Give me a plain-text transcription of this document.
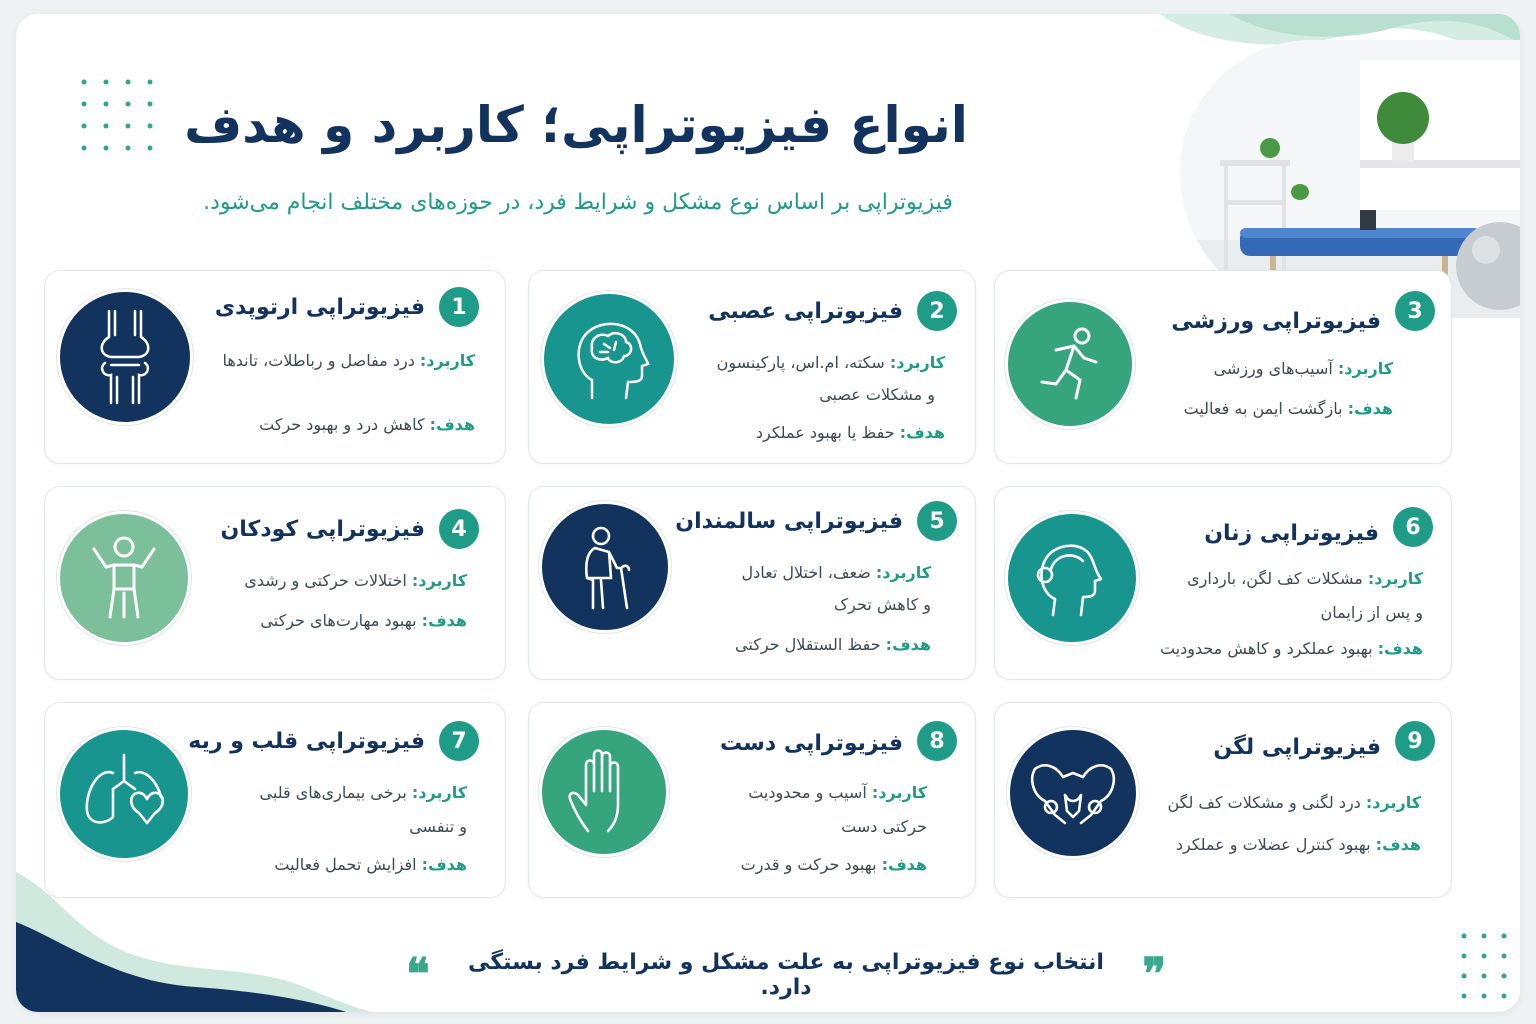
انواع فیزیوتراپی؛ کاربرد و هدف

فیزیوتراپی بر اساس نوع مشکل و شرایط فرد، در حوزه‌های مختلف انجام می‌شود.

1
فیزیوتراپی ارتوپدی
کاربرد: درد مفاصل و رباطلات، تاندها
هدف: کاهش درد و بهبود حرکت
2
فیزیوتراپی عصبی
کاربرد: سکته، ام.اس، پارکینسون
و مشکلات عصبی
هدف: حفظ یا بهبود عملکرد
3
فیزیوتراپی ورزشی
کاربرد: آسیب‌های ورزشی
هدف: بازگشت ایمن به فعالیت
4
فیزیوتراپی کودکان
کاربرد: اختلالات حرکتی و رشدی
هدف: بهبود مهارت‌های حرکتی
5
فیزیوتراپی سالمندان
کاربرد: ضعف، اختلال تعادل
و کاهش تحرک
هدف: حفظ الستقلال حرکتی
6
فیزیوتراپی زنان
کاربرد: مشکلات کف لگن، بارداری
و پس از زایمان
هدف: بهبود عملکرد و کاهش محدودیت
7
فیزیوتراپی قلب و ریه
کاربرد: برخی بیماری‌های قلبی
و تنفسی
هدف: افزایش تحمل فعالیت
8
فیزیوتراپی دست
کاربرد: آسیب و محدودیت
حرکتی دست
هدف: بهبود حرکت و قدرت
9
فیزیوتراپی لگن
کاربرد: درد لگنی و مشکلات کف لگن
هدف: بهبود کنترل عضلات و عملکرد
❞
انتخاب نوع فیزیوتراپی به علت مشکل و شرایط فرد بستگی دارد.
❝
